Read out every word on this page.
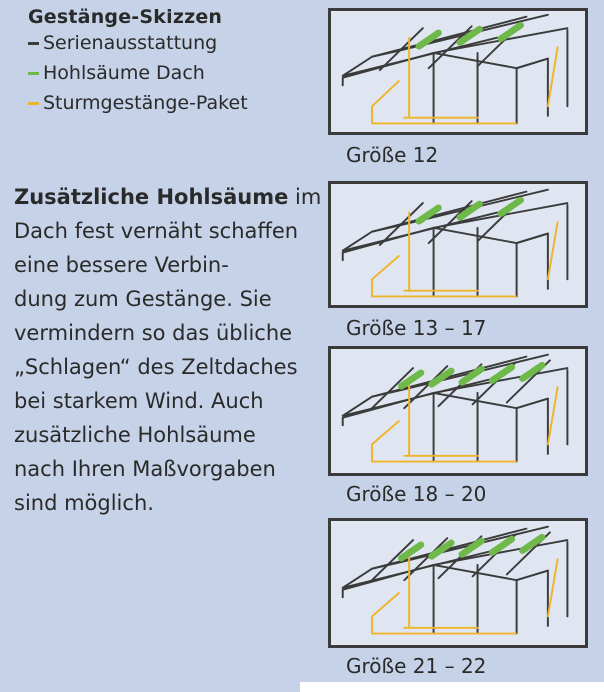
Gestänge-Skizzen
Serienausstattung
Hohlsäume Dach
Sturmgestänge-Paket
Zusätzliche Hohlsäume im
Dach fest vernäht schaffen
eine bessere Verbin-
dung zum Gestänge. Sie
vermindern so das übliche
„Schlagen“ des Zeltdaches
bei starkem Wind. Auch
zusätzliche Hohlsäume
nach Ihren Maßvorgaben
sind möglich.
Größe 12
Größe 13 – 17
Größe 18 – 20
Größe 21 – 22
